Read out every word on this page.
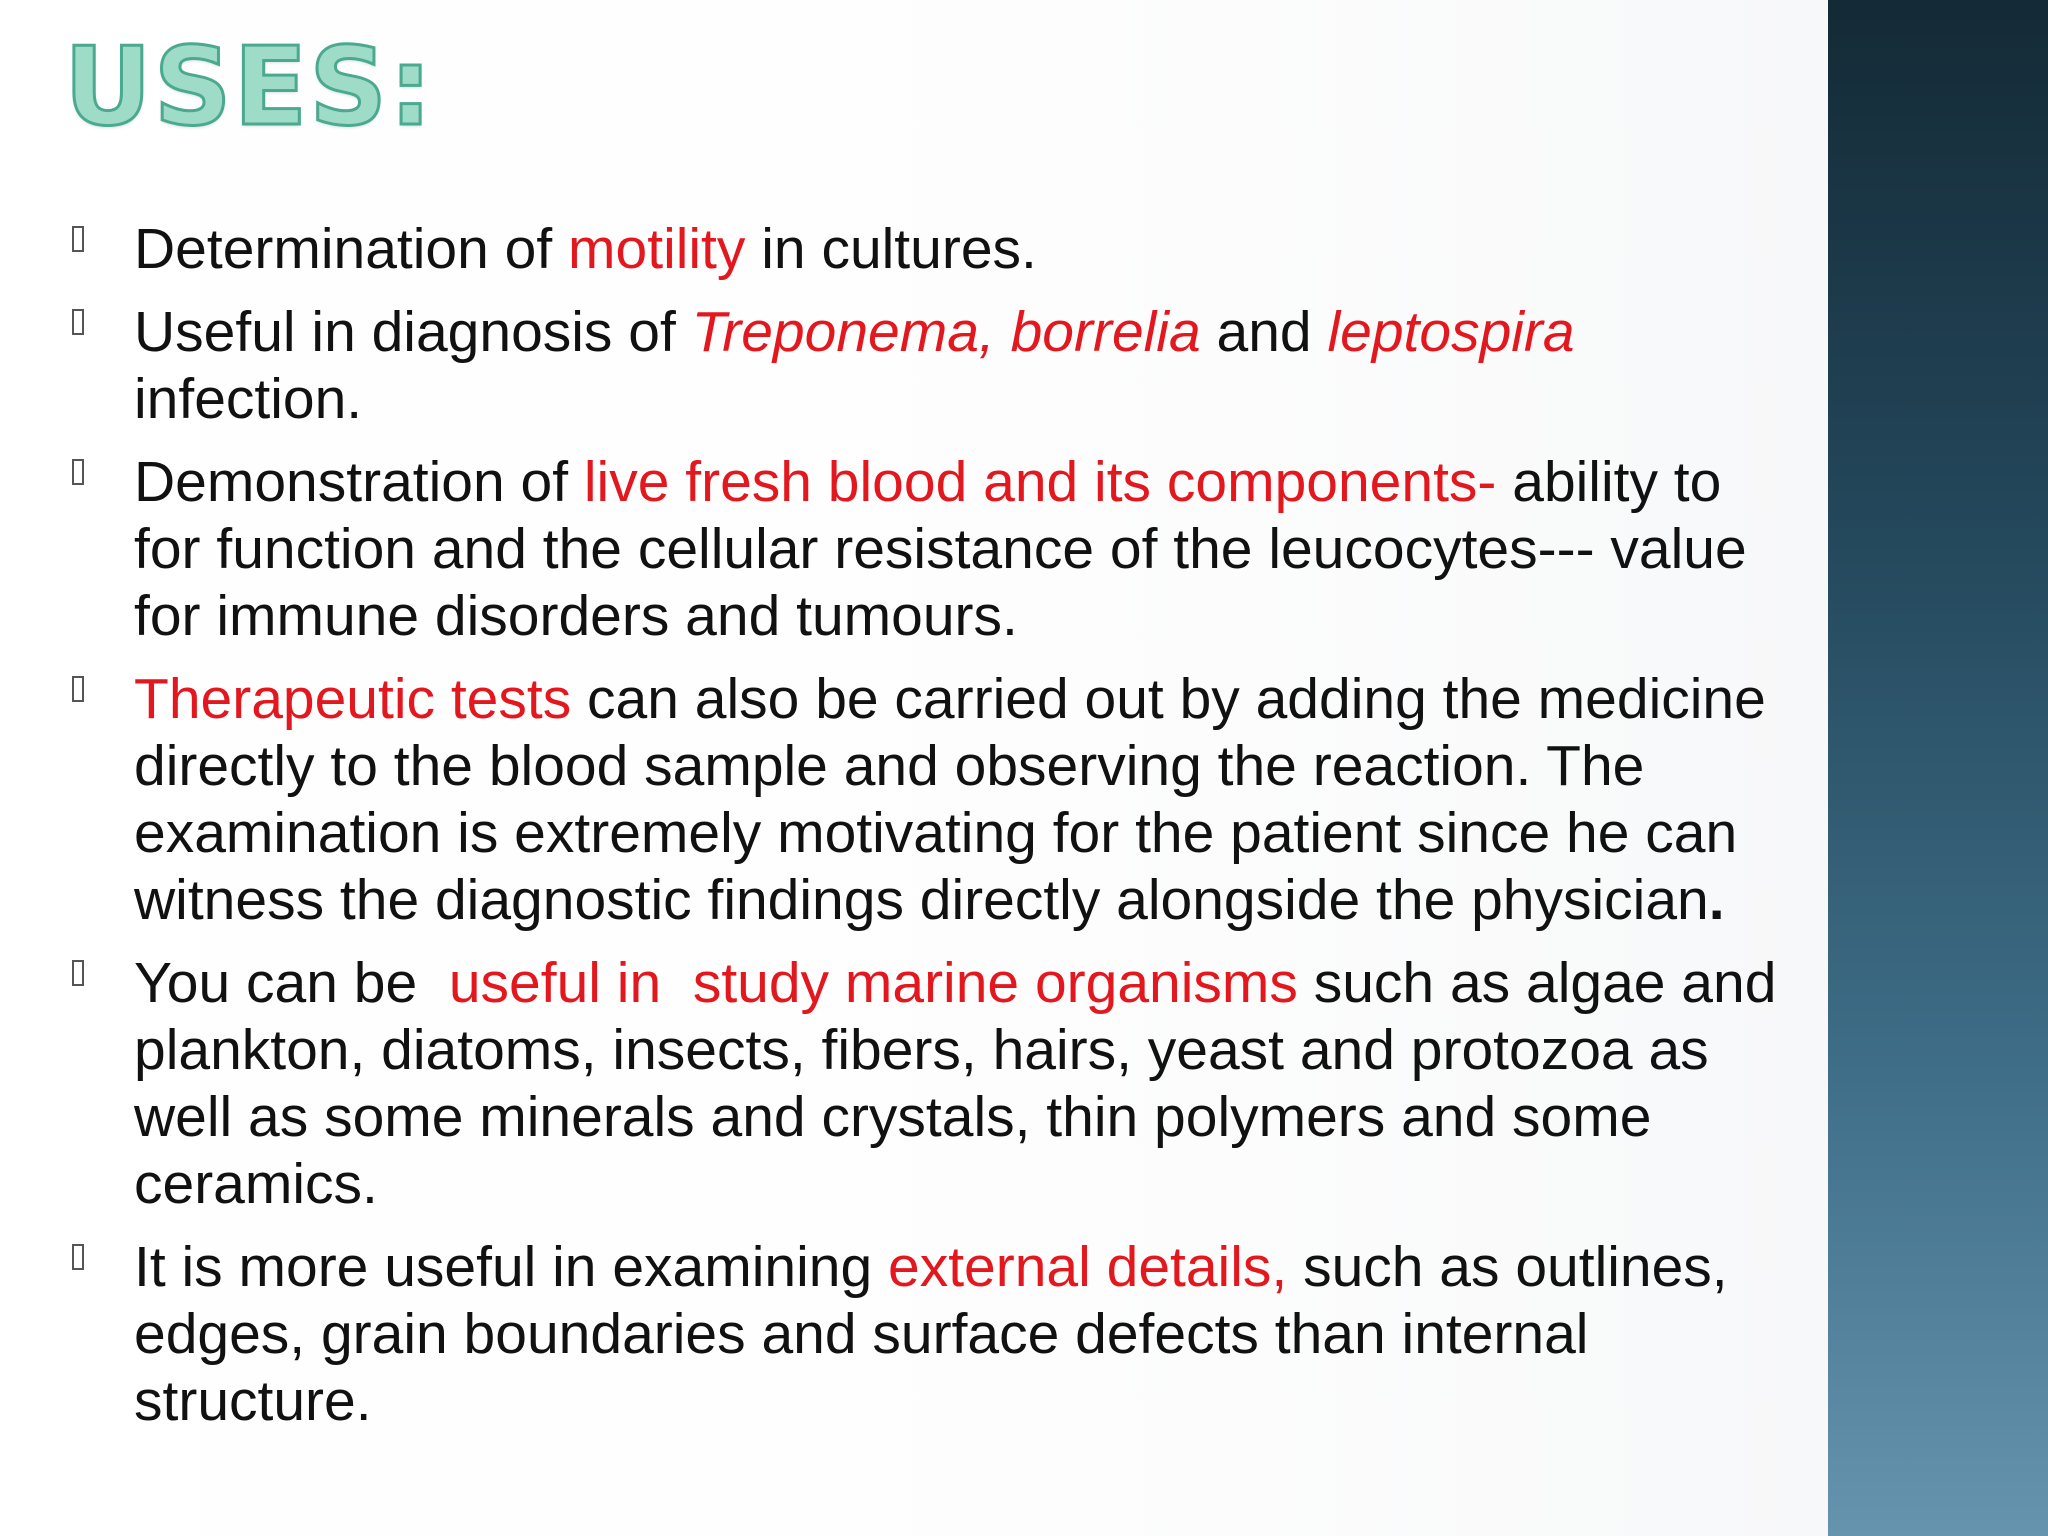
USES:
Determination of motility in cultures.
Useful in diagnosis of Treponema, borrelia and leptospira infection.
Demonstration of live fresh blood and its components- ability to for function and the cellular resistance of the leucocytes--- value for immune disorders and tumours.
Therapeutic tests can also be carried out by adding the medicine directly to the blood sample and observing the reaction. The examination is extremely motivating for the patient since he can witness the diagnostic findings directly alongside the physician.
You can be  useful in  study marine organisms such as algae and plankton, diatoms, insects, fibers, hairs, yeast and protozoa as well as some minerals and crystals, thin polymers and some ceramics.
It is more useful in examining external details, such as outlines, edges, grain boundaries and surface defects than internal structure.
